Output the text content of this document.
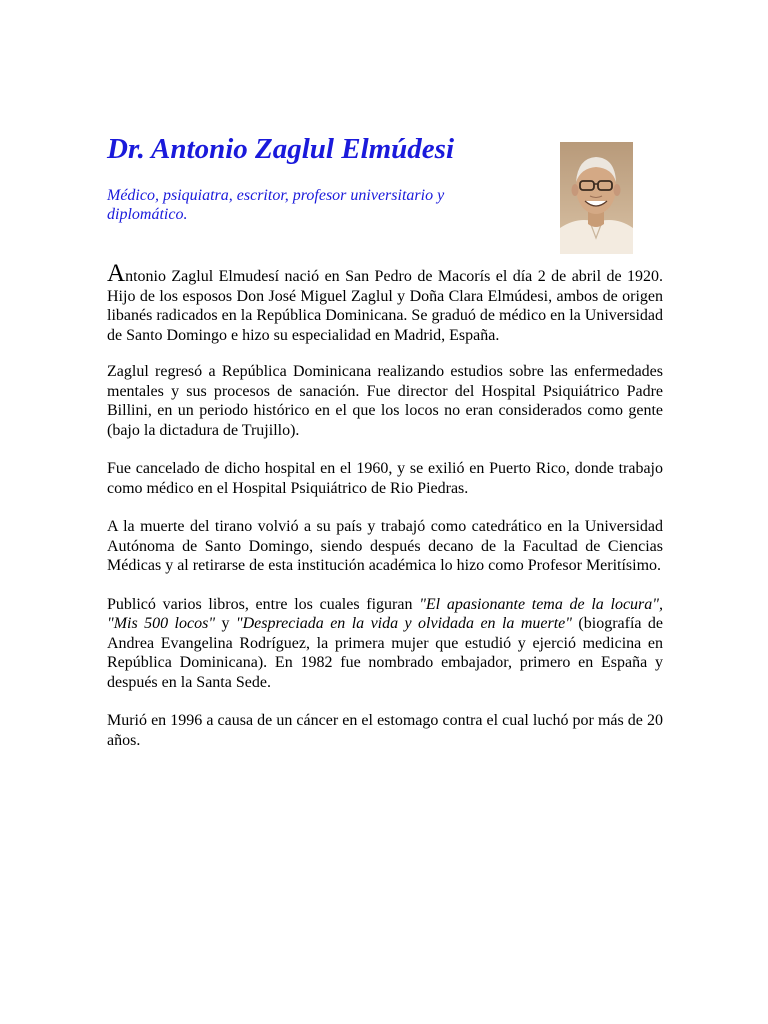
Dr. Antonio Zaglul Elmúdesi

Médico, psiquiatra, escritor, profesor universitario y diplomático.

Antonio Zaglul Elmudesí nació en San Pedro de Macorís el día 2 de abril de 1920. Hijo de los esposos Don José Miguel Zaglul y Doña Clara Elmúdesi, ambos de origen libanés radicados en la República Dominicana. Se graduó de médico en la Universidad de Santo Domingo e hizo su especialidad en Madrid, España.

Zaglul regresó a República Dominicana realizando estudios sobre las enfermedades mentales y sus procesos de sanación. Fue director del Hospital Psiquiátrico Padre Billini, en un periodo histórico en el que los locos no eran considerados como gente (bajo la dictadura de Trujillo).

Fue cancelado de dicho hospital en el 1960, y se exilió en Puerto Rico, donde trabajo como médico en el Hospital Psiquiátrico de Rio Piedras.

A la muerte del tirano volvió a su país y trabajó como catedrático en la Universidad Autónoma de Santo Domingo, siendo después decano de la Facultad de Ciencias Médicas y al retirarse de esta institución académica lo hizo como Profesor Meritísimo.

Publicó varios libros, entre los cuales figuran "El apasionante tema de la locura", "Mis 500 locos" y "Despreciada en la vida y olvidada en la muerte" (biografía de Andrea Evangelina Rodríguez, la primera mujer que estudió y ejerció medicina en República Dominicana). En 1982 fue nombrado embajador, primero en España y después en la Santa Sede.

Murió en 1996 a causa de un cáncer en el estomago contra el cual luchó por más de 20 años.
